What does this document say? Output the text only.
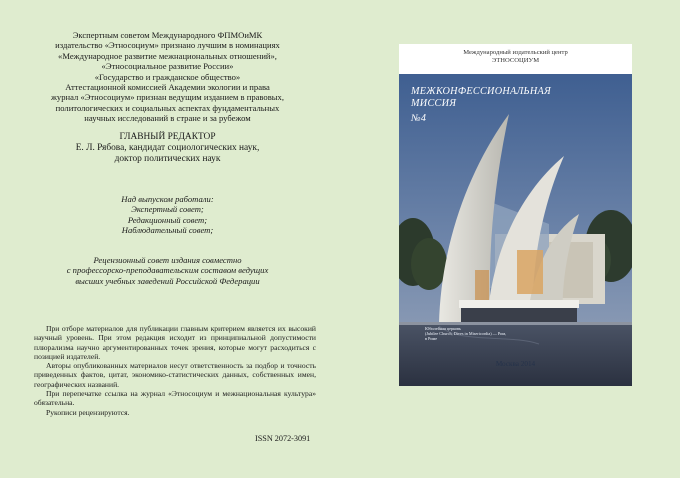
Экспертным советом Международного ФПМОиМК
издательство «Этносоциум» признано лучшим в номинациях
«Международное развитие межнациональных отношений»,
«Этносоциальное развитие России»
«Государство и гражданское общество»
Аттестационной комиссией Академии экологии и права
журнал «Этносоциум» признан ведущим изданием в правовых,
политологических и социальных аспектах фундаментальных
научных исследований в стране и за рубежом
ГЛАВНЫЙ РЕДАКТОР
Е. Л. Рябова, кандидат социологических наук,
доктор политических наук
Над выпуском работали:
Экспертный совет;
Редакционный совет;
Наблюдательный совет;
Рецензионный совет издания совместно
с профессорско-преподавательским составом ведущих
высших учебных заведений Российской Федерации

При отборе материалов для публикации главным критерием является их высокий научный уровень. При этом редакция исходит из принципиальной допустимости плюрализма научно аргументированных точек зрения, которые могут расходиться с позицией издателей.

Авторы опубликованных материалов несут ответственность за подбор и точность приведенных фактов, цитат, экономико-статистических данных, собственных имен, географических названий.

При перепечатке ссылка на журнал «Этносоциум и межнациональная культура» обязательна.

Рукописи рецензируются.

ISSN 2072-3091
Международный издательский центр
ЭТНОСОЦИУМ
МЕЖКОНФЕССИОНАЛЬНАЯ
МИССИЯ
№4
Юбилейная церковь
(Jubilee Church, Dives in Misericordia) — Рим,
в Риме
Москва 2014
